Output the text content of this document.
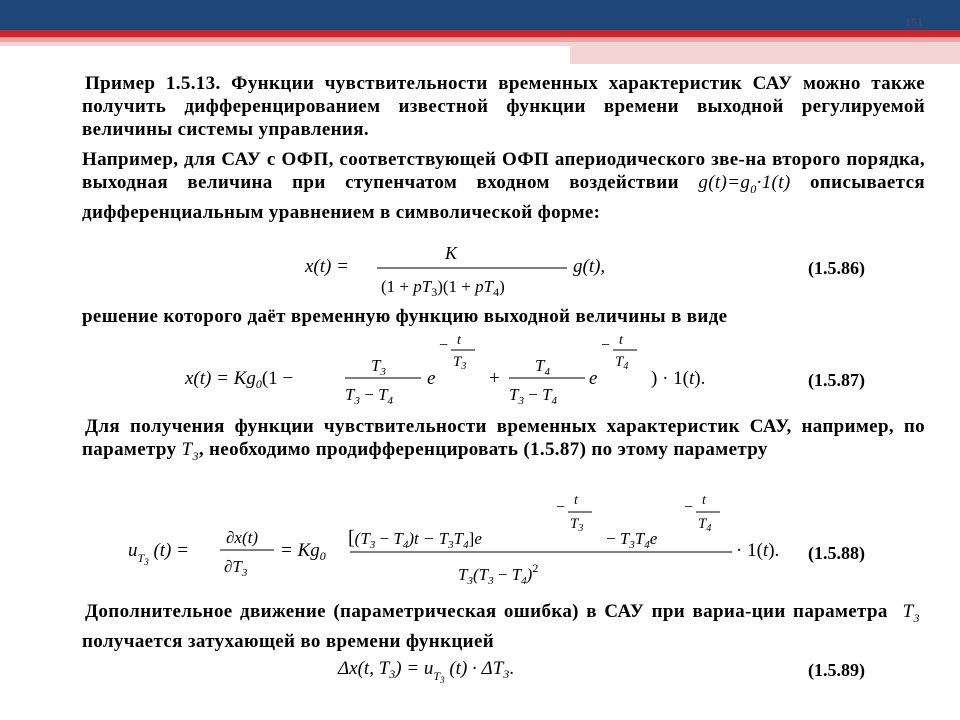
151

Пример 1.5.13. Функции чувствительности временных характеристик САУ можно также получить дифференцированием известной функции времени выходной регулируемой величины системы управления.

Например, для САУ с ОФП, соответствующей ОФП апериодического зве-на второго порядка, выходная величина при ступенчатом входном воздействии $g(t)=g_0\cdot 1(t)$ описывается дифференциальным уравнением в символической форме:

x(t) =
K
$(1 + pT_3)(1 + pT_4)$
g(t),	(1.5.86)

решение которого даёт временную функцию выходной величины в виде

$x(t) = Kg_0(1$ −
$T_3$
$T_3 - T_4$
e
− t
$T_3$
+
$T_4$
$T_3 - T_4$
e
− t
$T_4$
) · 1(t).	(1.5.87)

Для получения функции чувствительности временных характеристик САУ, например, по параметру $T_3$, необходимо продифференцировать (1.5.87) по этому параметру

$u_{T_3}$ (t) =
∂x(t)
$\partial T_3$
= $Kg_0$
$[(T_3 - T_4)t - T_3T_4]e$
− t
$T_3$
− $T_3T_4e$
− t
$T_4$
$T_3(T_3 - T_4)^2$
· 1(t). (1.5.88)

Дополнительное движение (параметрическая ошибка) в САУ при вариа-ции параметра  $T_3$  получается затухающей во времени функцией

Δx(t, $T_3) = u_T3$ $(t) \cdot \Delta T_3$.	(1.5.89)
